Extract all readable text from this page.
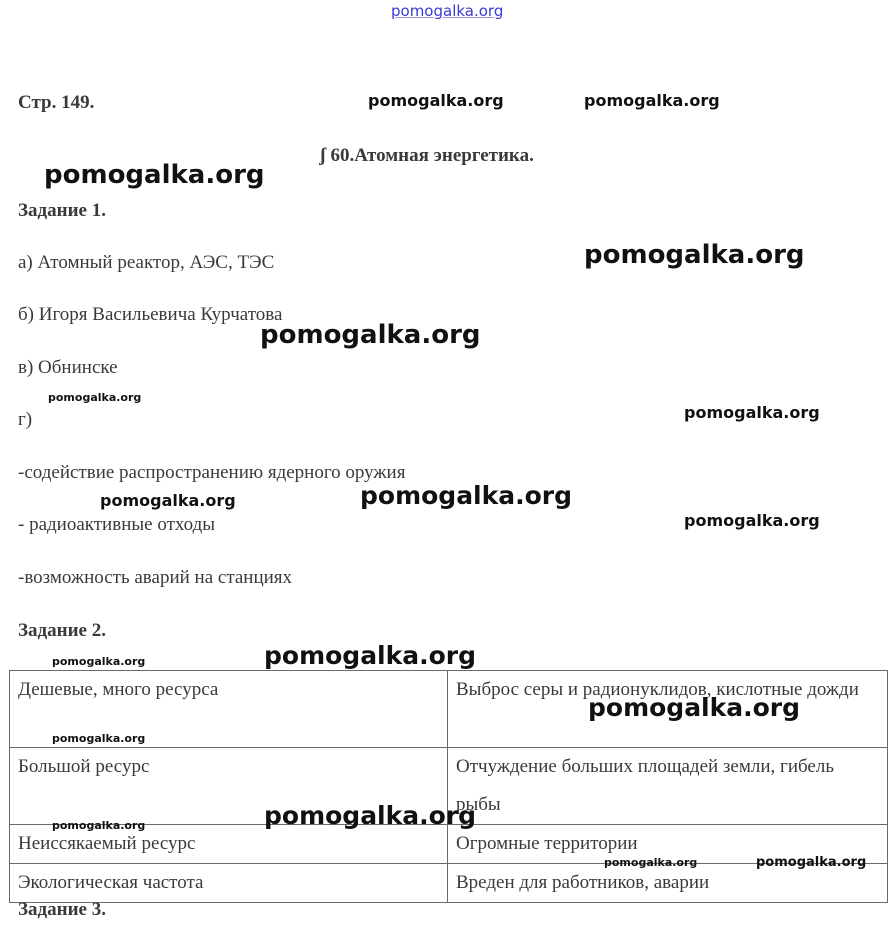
pomogalka.org
Стр. 149.
ʃ 60.Атомная энергетика.
Задание 1.
а) Атомный реактор, АЭС, ТЭС
б) Игоря Васильевича Курчатова
в) Обнинске
г)
-содействие распространению ядерного оружия
- радиоактивные отходы
-возможность аварий на станциях
Задание 2.
Дешевые, много ресурса	Выброс серы и радионуклидов, кислотные дожди
Большой ресурс	Отчуждение больших площадей земли, гибель рыбы
Неиссякаемый ресурс	Огромные территории
Экологическая частота	Вреден для работников, аварии
Задание 3.
pomogalka.org	pomogalka.org
pomogalka.org
pomogalka.org
pomogalka.org
pomogalka.org
pomogalka.org
pomogalka.org	pomogalka.org
pomogalka.org
pomogalka.org	pomogalka.org
pomogalka.org
pomogalka.org
pomogalka.org
pomogalka.org
pomogalka.org	pomogalka.org
